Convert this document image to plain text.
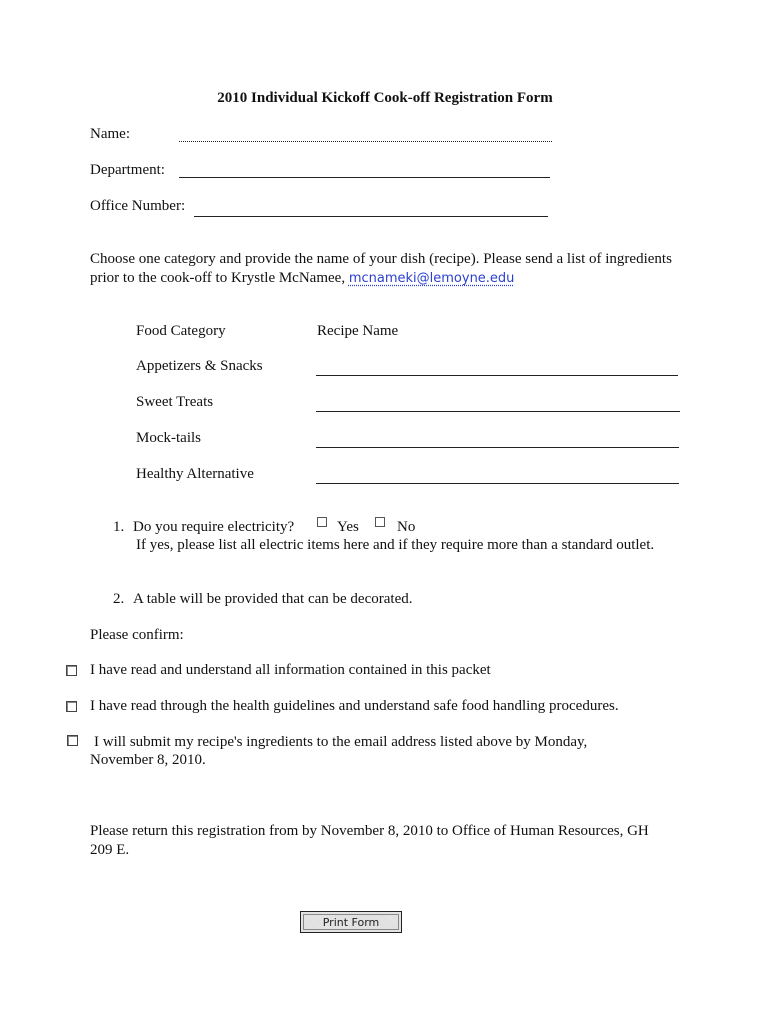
2010 Individual Kickoff Cook-off Registration Form
Name:
Department:
Office Number:
Choose one category and provide the name of your dish (recipe). Please send a list of ingredients
prior to the cook-off to Krystle McNamee, mcnameki@lemoyne.edu
Food Category	Recipe Name
Appetizers & Snacks
Sweet Treats
Mock-tails
Healthy Alternative
1. Do you require electricity?	Yes	No
If yes, please list all electric items here and if they require more than a standard outlet.
2. A table will be provided that can be decorated.
Please confirm:
I have read and understand all information contained in this packet
I have read through the health guidelines and understand safe food handling procedures.
I will submit my recipe's ingredients to the email address listed above by Monday,
November 8, 2010.
Please return this registration from by November 8, 2010 to Office of Human Resources, GH
209 E.
Print Form
